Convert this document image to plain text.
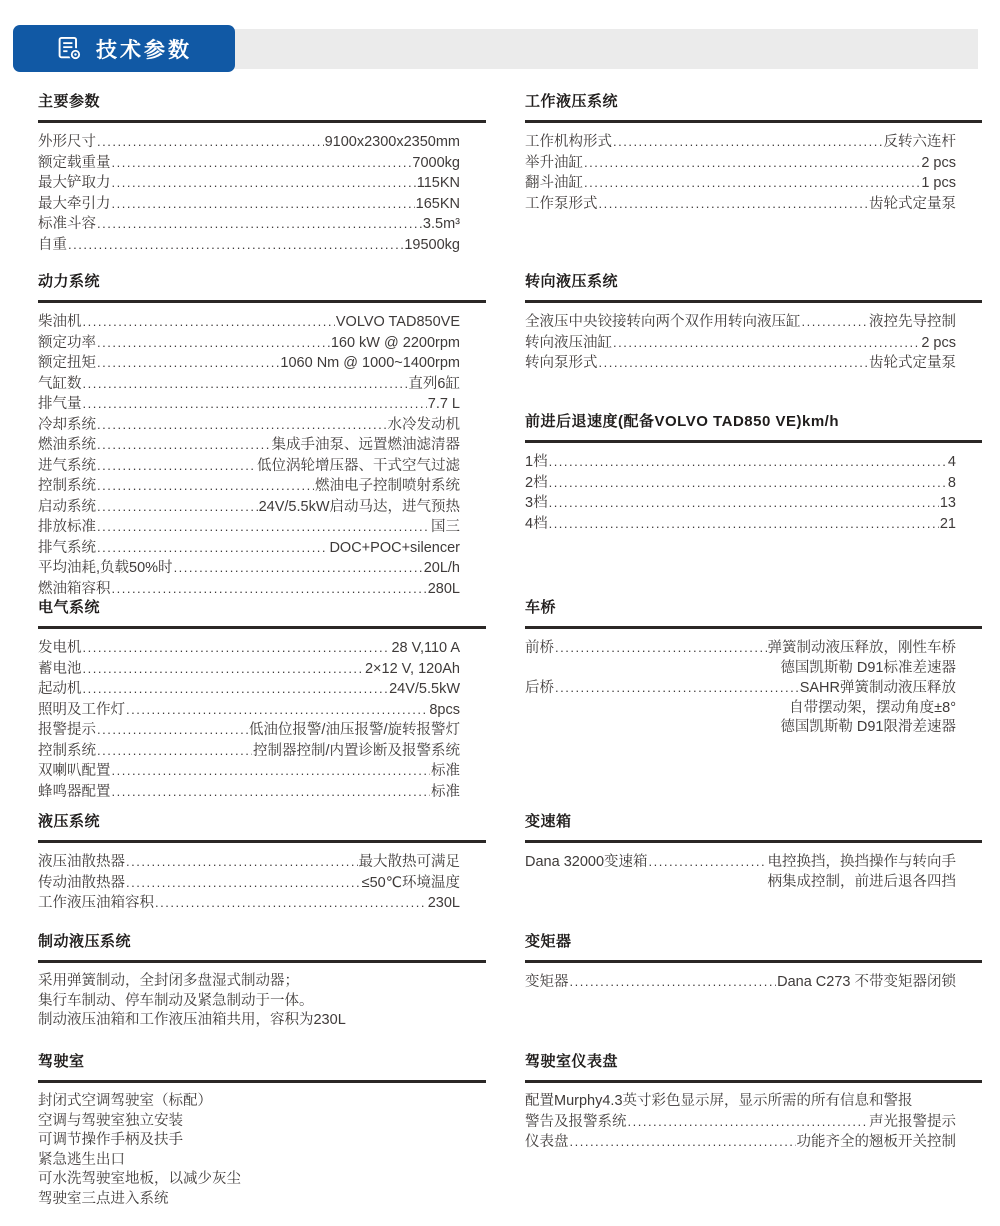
技术参数
主要参数
外形尺寸 .....	9100x2300x2350mm
额定载重量 .....	7000kg
最大铲取力 .....	115KN
最大牵引力 .....	165KN
标准斗容 .....	3.5m³
自重 .....	19500kg
动力系统
柴油机 .....	VOLVO TAD850VE
额定功率 .....	160 kW @ 2200rpm
额定扭矩 .....	1060 Nm @ 1000~1400rpm
气缸数 .....	直列6缸
排气量 .....	7.7 L
冷却系统 .....	水冷发动机
燃油系统 .....	集成手油泵、远置燃油滤清器
进气系统 .....	低位涡轮增压器、干式空气过滤
控制系统 .....	燃油电子控制喷射系统
启动系统 .....	24V/5.5kW启动马达，进气预热
排放标准 .....	国三
排气系统 .....	DOC+POC+silencer
平均油耗,负载50%时 .....	20L/h
燃油箱容积 .....	280L
电气系统
发电机 .....	28 V,110 A
蓄电池 .....	2×12 V, 120Ah
起动机 .....	24V/5.5kW
照明及工作灯 .....	8pcs
报警提示 .....	低油位报警/油压报警/旋转报警灯
控制系统 .....	控制器控制/内置诊断及报警系统
双喇叭配置 .....	标准
蜂鸣器配置 .....	标准
液压系统
液压油散热器 .....	最大散热可满足
传动油散热器 .....	≤50℃环境温度
工作液压油箱容积 .....	230L
制动液压系统
采用弹簧制动，全封闭多盘湿式制动器；
集行车制动、停车制动及紧急制动于一体。
制动液压油箱和工作液压油箱共用，容积为230L
驾驶室
封闭式空调驾驶室（标配）
空调与驾驶室独立安装
可调节操作手柄及扶手
紧急逃生出口
可水洗驾驶室地板，以减少灰尘
驾驶室三点进入系统
工作液压系统
工作机构形式 .....	反转六连杆
举升油缸 .....	2 pcs
翻斗油缸 .....	1 pcs
工作泵形式 .....	齿轮式定量泵
转向液压系统
全液压中央铰接转向两个双作用转向液压缸 .....	液控先导控制
转向液压油缸 .....	2 pcs
转向泵形式 .....	齿轮式定量泵
前进后退速度(配备VOLVO TAD850 VE)km/h
1档 .....	4
2档 .....	8
3档 .....	13
4档 .....	21
车桥
前桥 .....	弹簧制动液压释放，刚性车桥
德国凯斯勒 D91标准差速器
后桥 .....	SAHR弹簧制动液压释放
自带摆动架，摆动角度±8°
德国凯斯勒 D91限滑差速器
变速箱
Dana 32000变速箱 .....	电控换挡，换挡操作与转向手
柄集成控制，前进后退各四挡
变矩器
变矩器 .....	Dana C273 不带变矩器闭锁
驾驶室仪表盘
配置Murphy4.3英寸彩色显示屏，显示所需的所有信息和警报
警告及报警系统 .....	声光报警提示
仪表盘 .....	功能齐全的翘板开关控制
